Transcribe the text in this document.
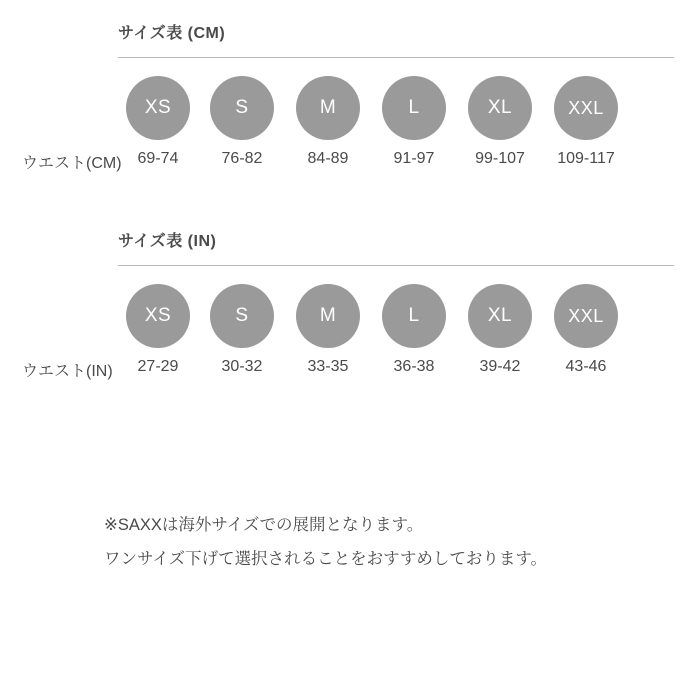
サイズ表 (CM)
XS	S	M	L	XL	XXL
ウエスト(CM) 69-74	76-82	84-89	91-97	99-107	109-117
サイズ表 (IN)
XS	S	M	L	XL	XXL
ウエスト(IN)	27-29	30-32	33-35	36-38	39-42	43-46
※SAXXは海外サイズでの展開となります。
ワンサイズ下げて選択されることをおすすめしております。
